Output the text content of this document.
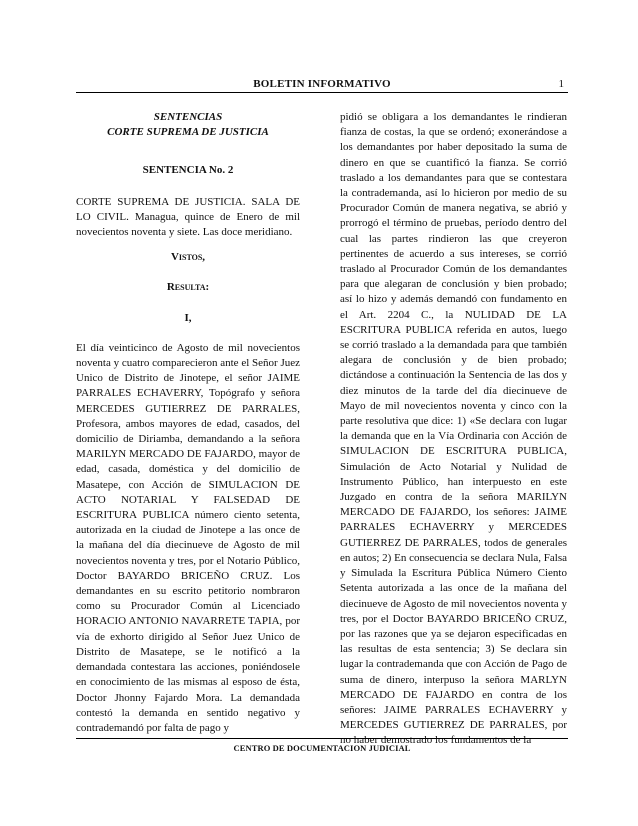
BOLETIN INFORMATIVO	1

SENTENCIAS

CORTE SUPREMA DE JUSTICIA

SENTENCIA No. 2

CORTE SUPREMA DE JUSTICIA. SALA DE LO CIVIL. Managua, quince de Enero de mil novecientos noventa y siete. Las doce meridiano.

Vistos,

Resulta:

I,

El día veinticinco de Agosto de mil novecientos noventa y cuatro comparecieron ante el Señor Juez Unico de Distrito de Jinotepe, el señor JAIME PARRALES ECHAVERRY, Topógrafo y señora MERCEDES GUTIERREZ DE PARRALES, Profesora, ambos mayores de edad, casados, del domicilio de Diriamba, demandando a la señora MARILYN MERCADO DE FAJARDO, mayor de edad, casada, doméstica y del domicilio de Masatepe, con Acción de SIMULACION DE ACTO NOTARIAL Y FALSEDAD DE ESCRITURA PUBLICA número ciento setenta, autorizada en la ciudad de Jinotepe a las once de la mañana del día diecinueve de Agosto de mil novecientos noventa y tres, por el Notario Público, Doctor BAYARDO BRICEÑO CRUZ. Los demandantes en su escrito petitorio nombraron como su Procurador Común al Licenciado HORACIO ANTONIO NAVARRETE TAPIA, por vía de exhorto dirigido al Señor Juez Unico de Distrito de Masatepe, se le notificó a la demandada contestara las acciones, poniéndosele en conocimiento de las mismas al esposo de ésta, Doctor Jhonny Fajardo Mora. La demandada contestó la demanda en sentido negativo y contrademandó por falta de pago y

pidió se obligara a los demandantes le rindieran fianza de costas, la que se ordenó; exonerándose a los demandantes por haber depositado la suma de dinero en que se cuantificó la fianza. Se corrió traslado a los demandantes para que se contestara la contrademanda, así lo hicieron por medio de su Procurador Común de manera negativa, se abrió y prorrogó el término de pruebas, período dentro del cual las partes rindieron las que creyeron pertinentes de acuerdo a sus intereses, se corrió traslado al Procurador Común de los demandantes para que alegaran de conclusión y bien probado; así lo hizo y además demandó con fundamento en el Art. 2204 C., la NULIDAD DE LA ESCRITURA PUBLICA referida en autos, luego se corrió traslado a la demandada para que también alegara de conclusión y de bien probado; dictándose a continuación la Sentencia de las dos y diez minutos de la tarde del día diecinueve de Mayo de mil novecientos noventa y cinco con la parte resolutiva que dice: 1) «Se declara con lugar la demanda que en la Vía Ordinaria con Acción de SIMULACION DE ESCRITURA PUBLICA, Simulación de Acto Notarial y Nulidad de Instrumento Público, han interpuesto en este Juzgado en contra de la señora MARILYN MERCADO DE FAJARDO, los señores: JAIME PARRALES ECHAVERRY y MERCEDES GUTIERREZ DE PARRALES, todos de generales en autos; 2) En consecuencia se declara Nula, Falsa y Simulada la Escritura Pública Número Ciento Setenta autorizada a las once de la mañana del diecinueve de Agosto de mil novecientos noventa y tres, por el Doctor BAYARDO BRICEÑO CRUZ, por las razones que ya se dejaron especificadas en las resultas de esta sentencia; 3) Se declara sin lugar la contrademanda que con Acción de Pago de suma de dinero, interpuso la señora MARLYN MERCADO DE FAJARDO en contra de los señores: JAIME PARRALES ECHAVERRY y MERCEDES GUTIERREZ DE PARRALES, por no haber demostrado los fundamentos de la

CENTRO DE DOCUMENTACION JUDICIAL
